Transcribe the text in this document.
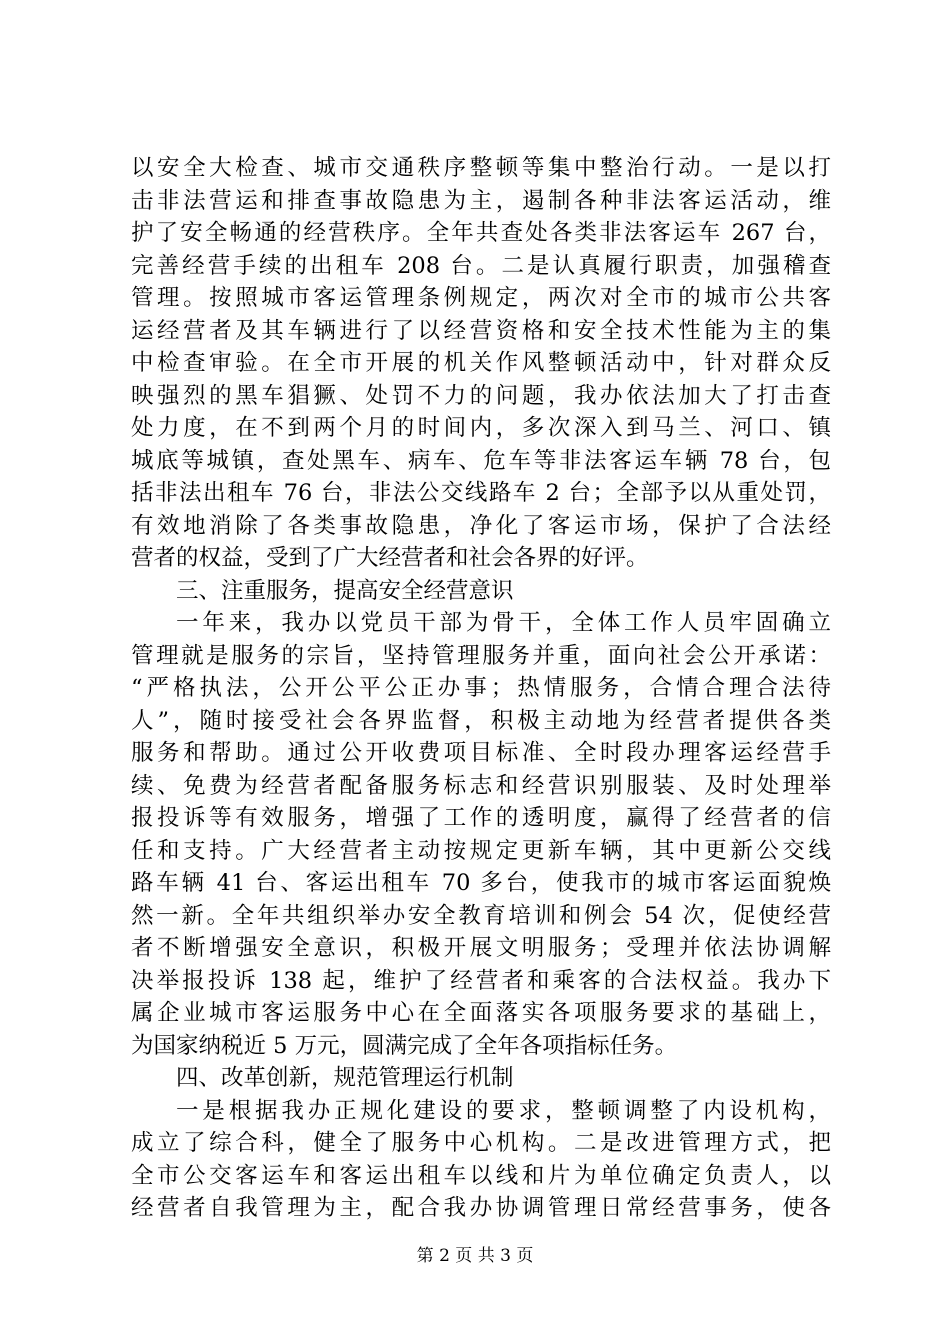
以安全大检查、城市交通秩序整顿等集中整治行动。一是以打
击非法营运和排查事故隐患为主，遏制各种非法客运活动，维
护了安全畅通的经营秩序。全年共查处各类非法客运车 267 台，
完善经营手续的出租车 208 台。二是认真履行职责，加强稽查
管理。按照城市客运管理条例规定，两次对全市的城市公共客
运经营者及其车辆进行了以经营资格和安全技术性能为主的集
中检查审验。在全市开展的机关作风整顿活动中，针对群众反
映强烈的黑车猖獗、处罚不力的问题，我办依法加大了打击查
处力度，在不到两个月的时间内，多次深入到马兰、河口、镇
城底等城镇，查处黑车、病车、危车等非法客运车辆 78 台，包
括非法出租车 76 台，非法公交线路车 2 台；全部予以从重处罚，
有效地消除了各类事故隐患，净化了客运市场，保护了合法经
营者的权益，受到了广大经营者和社会各界的好评。
三、注重服务，提高安全经营意识
一年来，我办以党员干部为骨干，全体工作人员牢固确立
管理就是服务的宗旨，坚持管理服务并重，面向社会公开承诺：
“严格执法，公开公平公正办事；热情服务，合情合理合法待
人”，随时接受社会各界监督，积极主动地为经营者提供各类
服务和帮助。通过公开收费项目标准、全时段办理客运经营手
续、免费为经营者配备服务标志和经营识别服装、及时处理举
报投诉等有效服务，增强了工作的透明度，赢得了经营者的信
任和支持。广大经营者主动按规定更新车辆，其中更新公交线
路车辆 41 台、客运出租车 70 多台，使我市的城市客运面貌焕
然一新。全年共组织举办安全教育培训和例会 54 次，促使经营
者不断增强安全意识，积极开展文明服务；受理并依法协调解
决举报投诉 138 起，维护了经营者和乘客的合法权益。我办下
属企业城市客运服务中心在全面落实各项服务要求的基础上，
为国家纳税近 5 万元，圆满完成了全年各项指标任务。
四、改革创新，规范管理运行机制
一是根据我办正规化建设的要求，整顿调整了内设机构，
成立了综合科，健全了服务中心机构。二是改进管理方式，把
全市公交客运车和客运出租车以线和片为单位确定负责人，以
经营者自我管理为主，配合我办协调管理日常经营事务，使各
第 2 页 共 3 页
